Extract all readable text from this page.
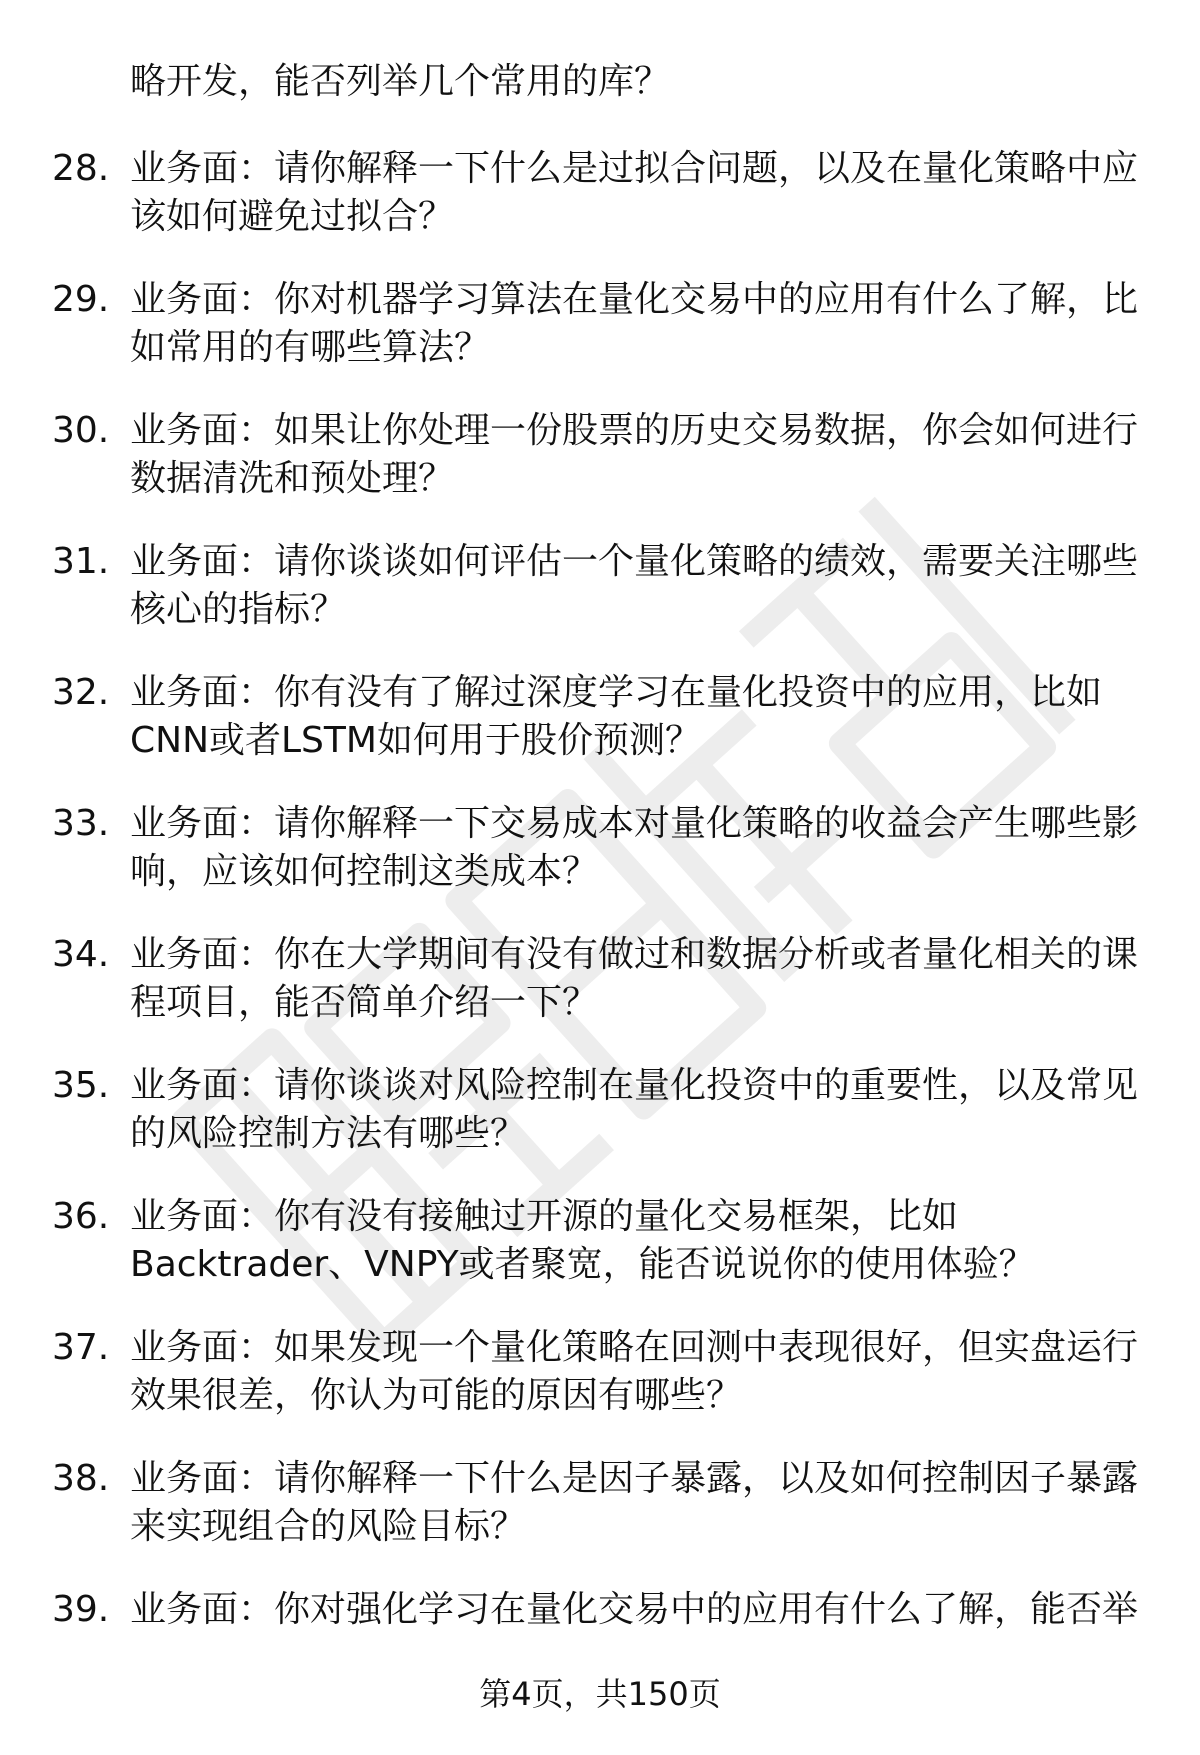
略开发，能否列举几个常用的库？
28. 业务面：请你解释一下什么是过拟合问题，以及在量化策略中应
该如何避免过拟合？
29. 业务面：你对机器学习算法在量化交易中的应用有什么了解，比
如常用的有哪些算法？
30. 业务面：如果让你处理一份股票的历史交易数据，你会如何进行
数据清洗和预处理？
31. 业务面：请你谈谈如何评估一个量化策略的绩效，需要关注哪些
核心的指标？
32. 业务面：你有没有了解过深度学习在量化投资中的应用，比如
CNN或者LSTM如何用于股价预测？
33. 业务面：请你解释一下交易成本对量化策略的收益会产生哪些影
响，应该如何控制这类成本？
34. 业务面：你在大学期间有没有做过和数据分析或者量化相关的课
程项目，能否简单介绍一下？
35. 业务面：请你谈谈对风险控制在量化投资中的重要性，以及常见
的风险控制方法有哪些？
36. 业务面：你有没有接触过开源的量化交易框架，比如
Backtrader、VNPY或者聚宽，能否说说你的使用体验？
37. 业务面：如果发现一个量化策略在回测中表现很好，但实盘运行
效果很差，你认为可能的原因有哪些？
38. 业务面：请你解释一下什么是因子暴露，以及如何控制因子暴露
来实现组合的风险目标？
39. 业务面：你对强化学习在量化交易中的应用有什么了解，能否举
第4页，共150页
